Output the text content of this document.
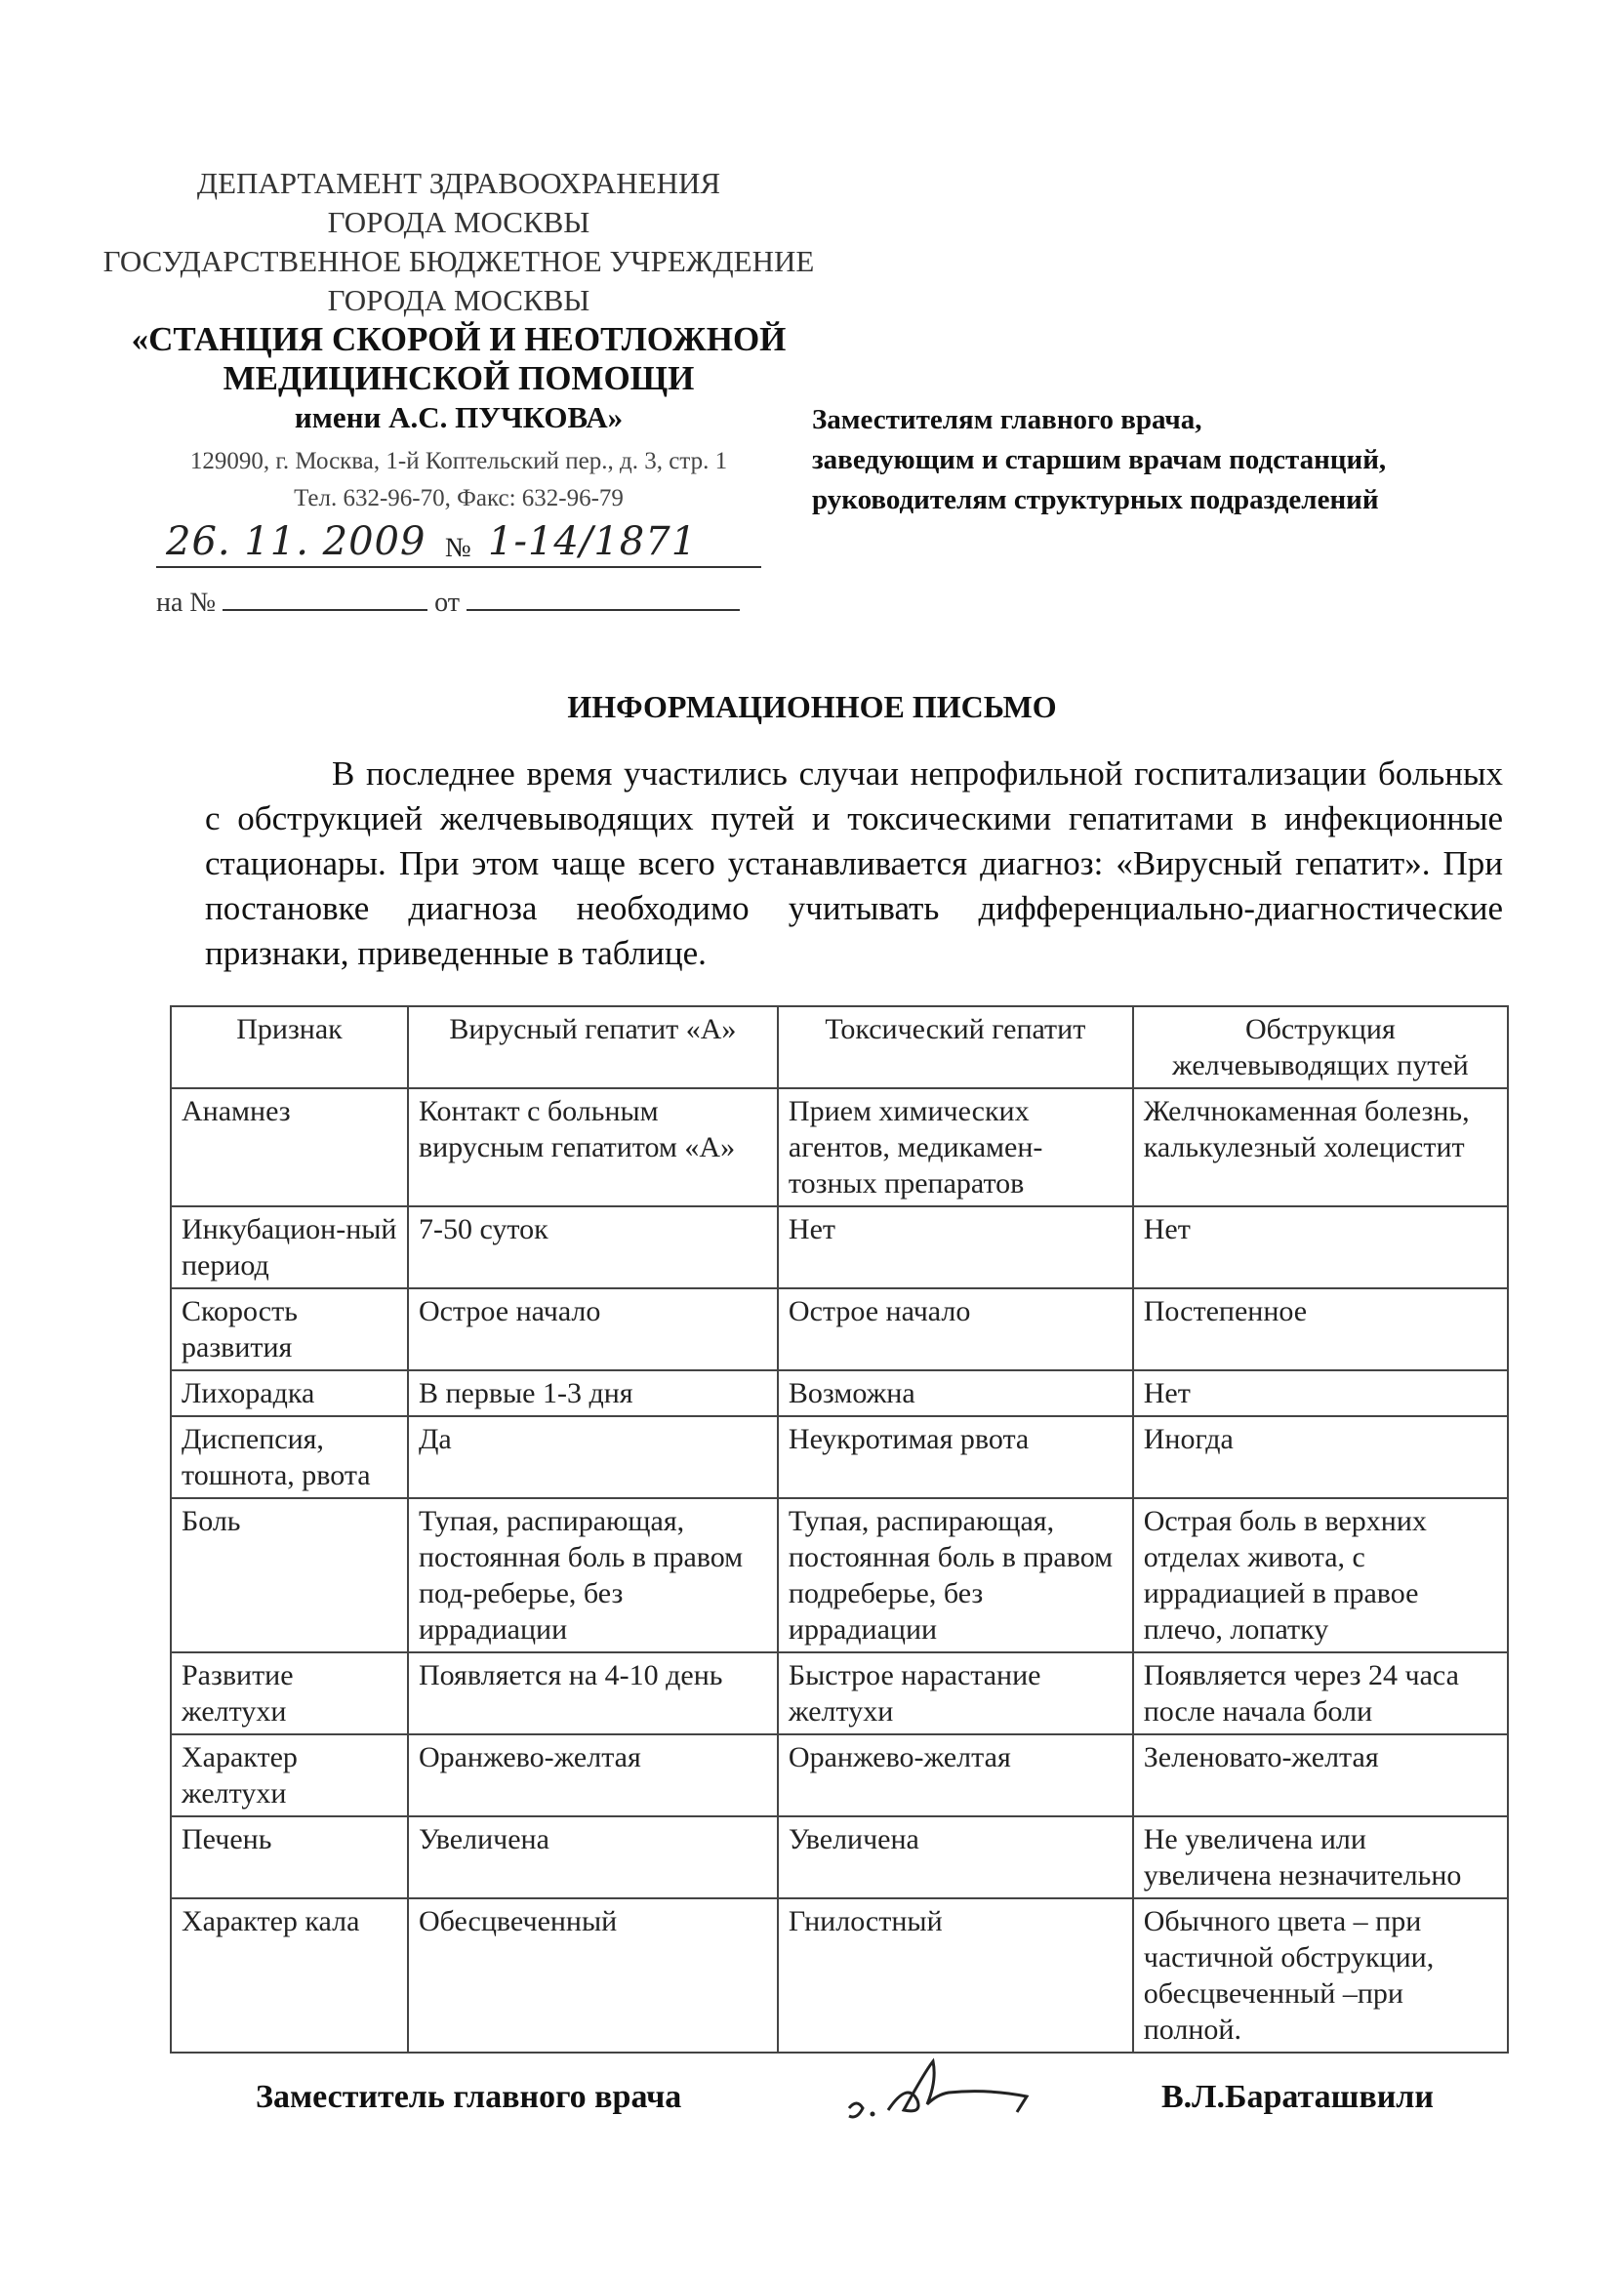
ДЕПАРТАМЕНТ ЗДРАВООХРАНЕНИЯ
ГОРОДА МОСКВЫ
ГОСУДАРСТВЕННОЕ БЮДЖЕТНОЕ УЧРЕЖДЕНИЕ
ГОРОДА МОСКВЫ
«СТАНЦИЯ СКОРОЙ И НЕОТЛОЖНОЙ
МЕДИЦИНСКОЙ ПОМОЩИ
имени А.С. ПУЧКОВА»
129090, г. Москва, 1-й Коптельский пер., д. 3, стр. 1
Тел. 632-96-70, Факс: 632-96-79
Заместителям главного врача,
заведующим и старшим врачам подстанций,
руководителям структурных подразделений
26. 11. 2009 № 1-14/1871
на №	от
ИНФОРМАЦИОННОЕ ПИСЬМО
В последнее время участились случаи непрофильной госпитализации больных с обструкцией желчевыводящих путей и токсическими гепатитами в инфекционные стационары. При этом чаще всего устанавливается диагноз: «Вирусный гепатит». При постановке диагноза необходимо учитывать дифференциально-диагностические признаки, приведенные в таблице.
Признак	Вирусный гепатит «А»	Токсический гепатит	Обструкция желчевыводящих путей
Анамнез	Контакт с больным вирусным гепатитом «А»	Прием химических агентов, медикамен-тозных препаратов	Желчнокаменная болезнь, калькулезный холецистит
Инкубацион-ный период	7-50 суток	Нет	Нет
Скорость развития	Острое начало	Острое начало	Постепенное
Лихорадка	В первые 1-3 дня	Возможна	Нет
Диспепсия, тошнота, рвота	Да	Неукротимая рвота	Иногда
Боль	Тупая, распирающая, постоянная боль в правом под-реберье, без иррадиации	Тупая, распирающая, постоянная боль в правом подреберье, без иррадиации	Острая боль в верхних отделах живота, с иррадиацией в правое плечо, лопатку
Развитие желтухи	Появляется на 4-10 день	Быстрое нарастание желтухи	Появляется через 24 часа после начала боли
Характер желтухи	Оранжево-желтая	Оранжево-желтая	Зеленовато-желтая
Печень	Увеличена	Увеличена	Не увеличена или увеличена незначительно
Характер кала	Обесцвеченный	Гнилостный	Обычного цвета – при частичной обструкции, обесцвеченный –при полной.
Заместитель главного врача	В.Л.Бараташвили
